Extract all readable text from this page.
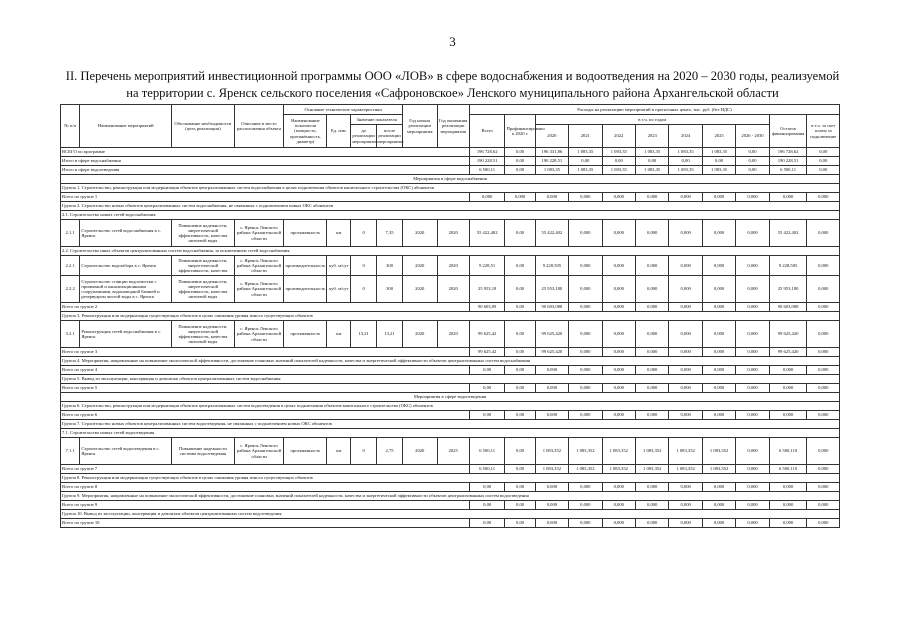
3
II. Перечень мероприятий инвестиционной программы ООО «ЛОВ» в сфере водоснабжения и водоотведения на 2020 – 2030 годы, реализуемой
на территории с. Яренск сельского поселения «Сафроновское» Ленского муниципального района Архангельской области
№ п/п	Наименование мероприятий	Обоснование необходимости (цель реализации)	Описание и место расположения объекта	Основные технические характеристики				Год начала реализации мероприятия	Год окончания реализации мероприятия	Расходы на реализацию мероприятий в прогнозных ценах, тыс. руб. (без НДС)										
				Наименование показателя (мощность, протяжённость, диаметр)	Ед. изм.	Значение показателя				Всего	Профинансировано к 2020 г.	в т.ч. по годам							Остаток финансирования	в т.ч. за счет платы за подключение
						до реализации мероприятия	после реализации мероприятия					2020	2021	2022	2023	2024	2025	2026 - 2030		
ВСЕГО по программе										196 728,62	0,00	196 331,86	1 083,35	1 083,35	1 083,35	1 083,35	1 083,35	0,00	196 728,62	0,00
Итого в сфере водоснабжения										190 228,51	0,00	190 228,51	0,00	0,00	0,00	0,00	0,00	0,00	190 228,51	0,00
Итого в сфере водоотведения										6 500,11	0,00	1 083,35	1 083,35	1 083,35	1 083,35	1 083,35	1 083,35	0,00	6 500,11	0,00
Мероприятия в сфере водоснабжения																				
Группа 1. Строительство, реконструкция или модернизация объектов централизованных систем водоснабжения в целях подключения объектов капитального строительства (ОКС) абонентов																				
Всего по группе 1										0,000	0,000	0,000	0,000	0,000	0,000	0,000	0,000	0,000	0,000	0,000
Группа 2. Строительство новых объектов централизованных систем водоснабжения, не связанных с подключением новых ОКС абонентов																				
2.1. Строительство новых сетей водоснабжения																				
2.1.1	Строительство сетей водоснабжения в с. Яренск	Повышение надежности, энергетической эффективности, качества питьевой воды	с. Яренск Ленского района Архангельской области	протяженность	км	0	7,35	2020	2020	55 422,402	0,00	55 422,402	0,000	0,000	0,000	0,000	0,000	0,000	55 422,402	0,000
2.2. Строительство иных объектов централизованных систем водоснабжения, за исключением сетей водоснабжения																				
2.2.1	Строительство водозабора в с. Яренск	Повышение надежности, энергетической эффективности, качества	с. Яренск Ленского района Архангельской области	производительность	куб. м/сут	0	300	2020	2020	9 228,51	0,00	9 228,505	0,000	0,000	0,000	0,000	0,000	0,000	9 228,505	0,000
2.2.2	Строительство станции водоочистки с промывкой и канализационными сооружениями, водонапорной башней и резервуаром чистой воды в с. Яренск	Повышение надежности, энергетической эффективности, качества питьевой воды	с. Яренск Ленского района Архангельской области	производительность	куб. м/сут	0	300	2020	2020	25 953,18	0,00	25 953,180	0,000	0,000	0,000	0,000	0,000	0,000	25 953,180	0,000
Всего по группе 2										90 603,09	0,00	90 603,088	0,000	0,000	0,000	0,000	0,000	0,000	90 603,088	0,000
Группа 3. Реконструкция или модернизация существующих объектов в целях снижения уровня износа существующих объектов																				
3.2.1	Реконструкция сетей водоснабжения в с. Яренск	Повышение надежности, энергетической эффективности, качества питьевой воды	с. Яренск Ленского района Архангельской области	протяженность	км	13,21	13,21	2020	2020	99 625,42	0,00	99 625,420	0,000	0,000	0,000	0,000	0,000	0,000	99 625,420	0,000
Всего по группе 3										99 625,42	0,00	99 625,420	0,000	0,000	0,000	0,000	0,000	0,000	99 625,420	0,000
Группа 4. Мероприятия, направленные на повышение экологической эффективности, достижение плановых значений показателей надежности, качества и энергетической эффективности объектов централизованных систем водоснабжения																				
Всего по группе 4										0,00	0,00	0,000	0,000	0,000	0,000	0,000	0,000	0,000	0,000	0,000
Группа 5. Вывод из эксплуатации, консервация и демонтаж объектов централизованных систем водоснабжения																				
Всего по группе 5										0,00	0,00	0,000	0,000	0,000	0,000	0,000	0,000	0,000	0,000	0,000
Мероприятия в сфере водоотведения																				
Группа 6. Строительство, реконструкция или модернизация объектов централизованных систем водоотведения в целях подключения объектов капитального строительства (ОКС) абонентов																				
Всего по группе 6										0,00	0,00	0,000	0,000	0,000	0,000	0,000	0,000	0,000	0,000	0,000
Группа 7. Строительство новых объектов централизованных систем водоотведения, не связанных с подключением новых ОКС абонентов																				
7.1. Строительство новых сетей водоотведения																				
7.1.1	Строительство сетей водоотведения в с. Яренск	Повышение надежности системы водоотведения	с. Яренск Ленского района Архангельской области	протяженность	км	0	2,75	2020	2025	6 500,11	0,00	1 083,352	1 083,352	1 083,352	1 083,352	1 083,352	1 083,352	0,000	6 500,110	0,000
Всего по группе 7										6 500,11	0,00	1 083,352	1 083,352	1 083,352	1 083,352	1 083,352	1 083,352	0,000	6 500,110	0,000
Группа 8. Реконструкция или модернизация существующих объектов в целях снижения уровня износа существующих объектов																				
Всего по группе 8										0,00	0,00	0,000	0,000	0,000	0,000	0,000	0,000	0,000	0,000	0,000
Группа 9. Мероприятия, направленные на повышение экологической эффективности, достижение плановых значений показателей надежности, качества и энергетической эффективности объектов централизованных систем водоотведения																				
Всего по группе 9										0,00	0,00	0,000	0,000	0,000	0,000	0,000	0,000	0,000	0,000	0,000
Группа 10. Вывод из эксплуатации, консервация и демонтаж объектов централизованных систем водоотведения																				
Всего по группе 10										0,00	0,00	0,000	0,000	0,000	0,000	0,000	0,000	0,000	0,000	0,000
